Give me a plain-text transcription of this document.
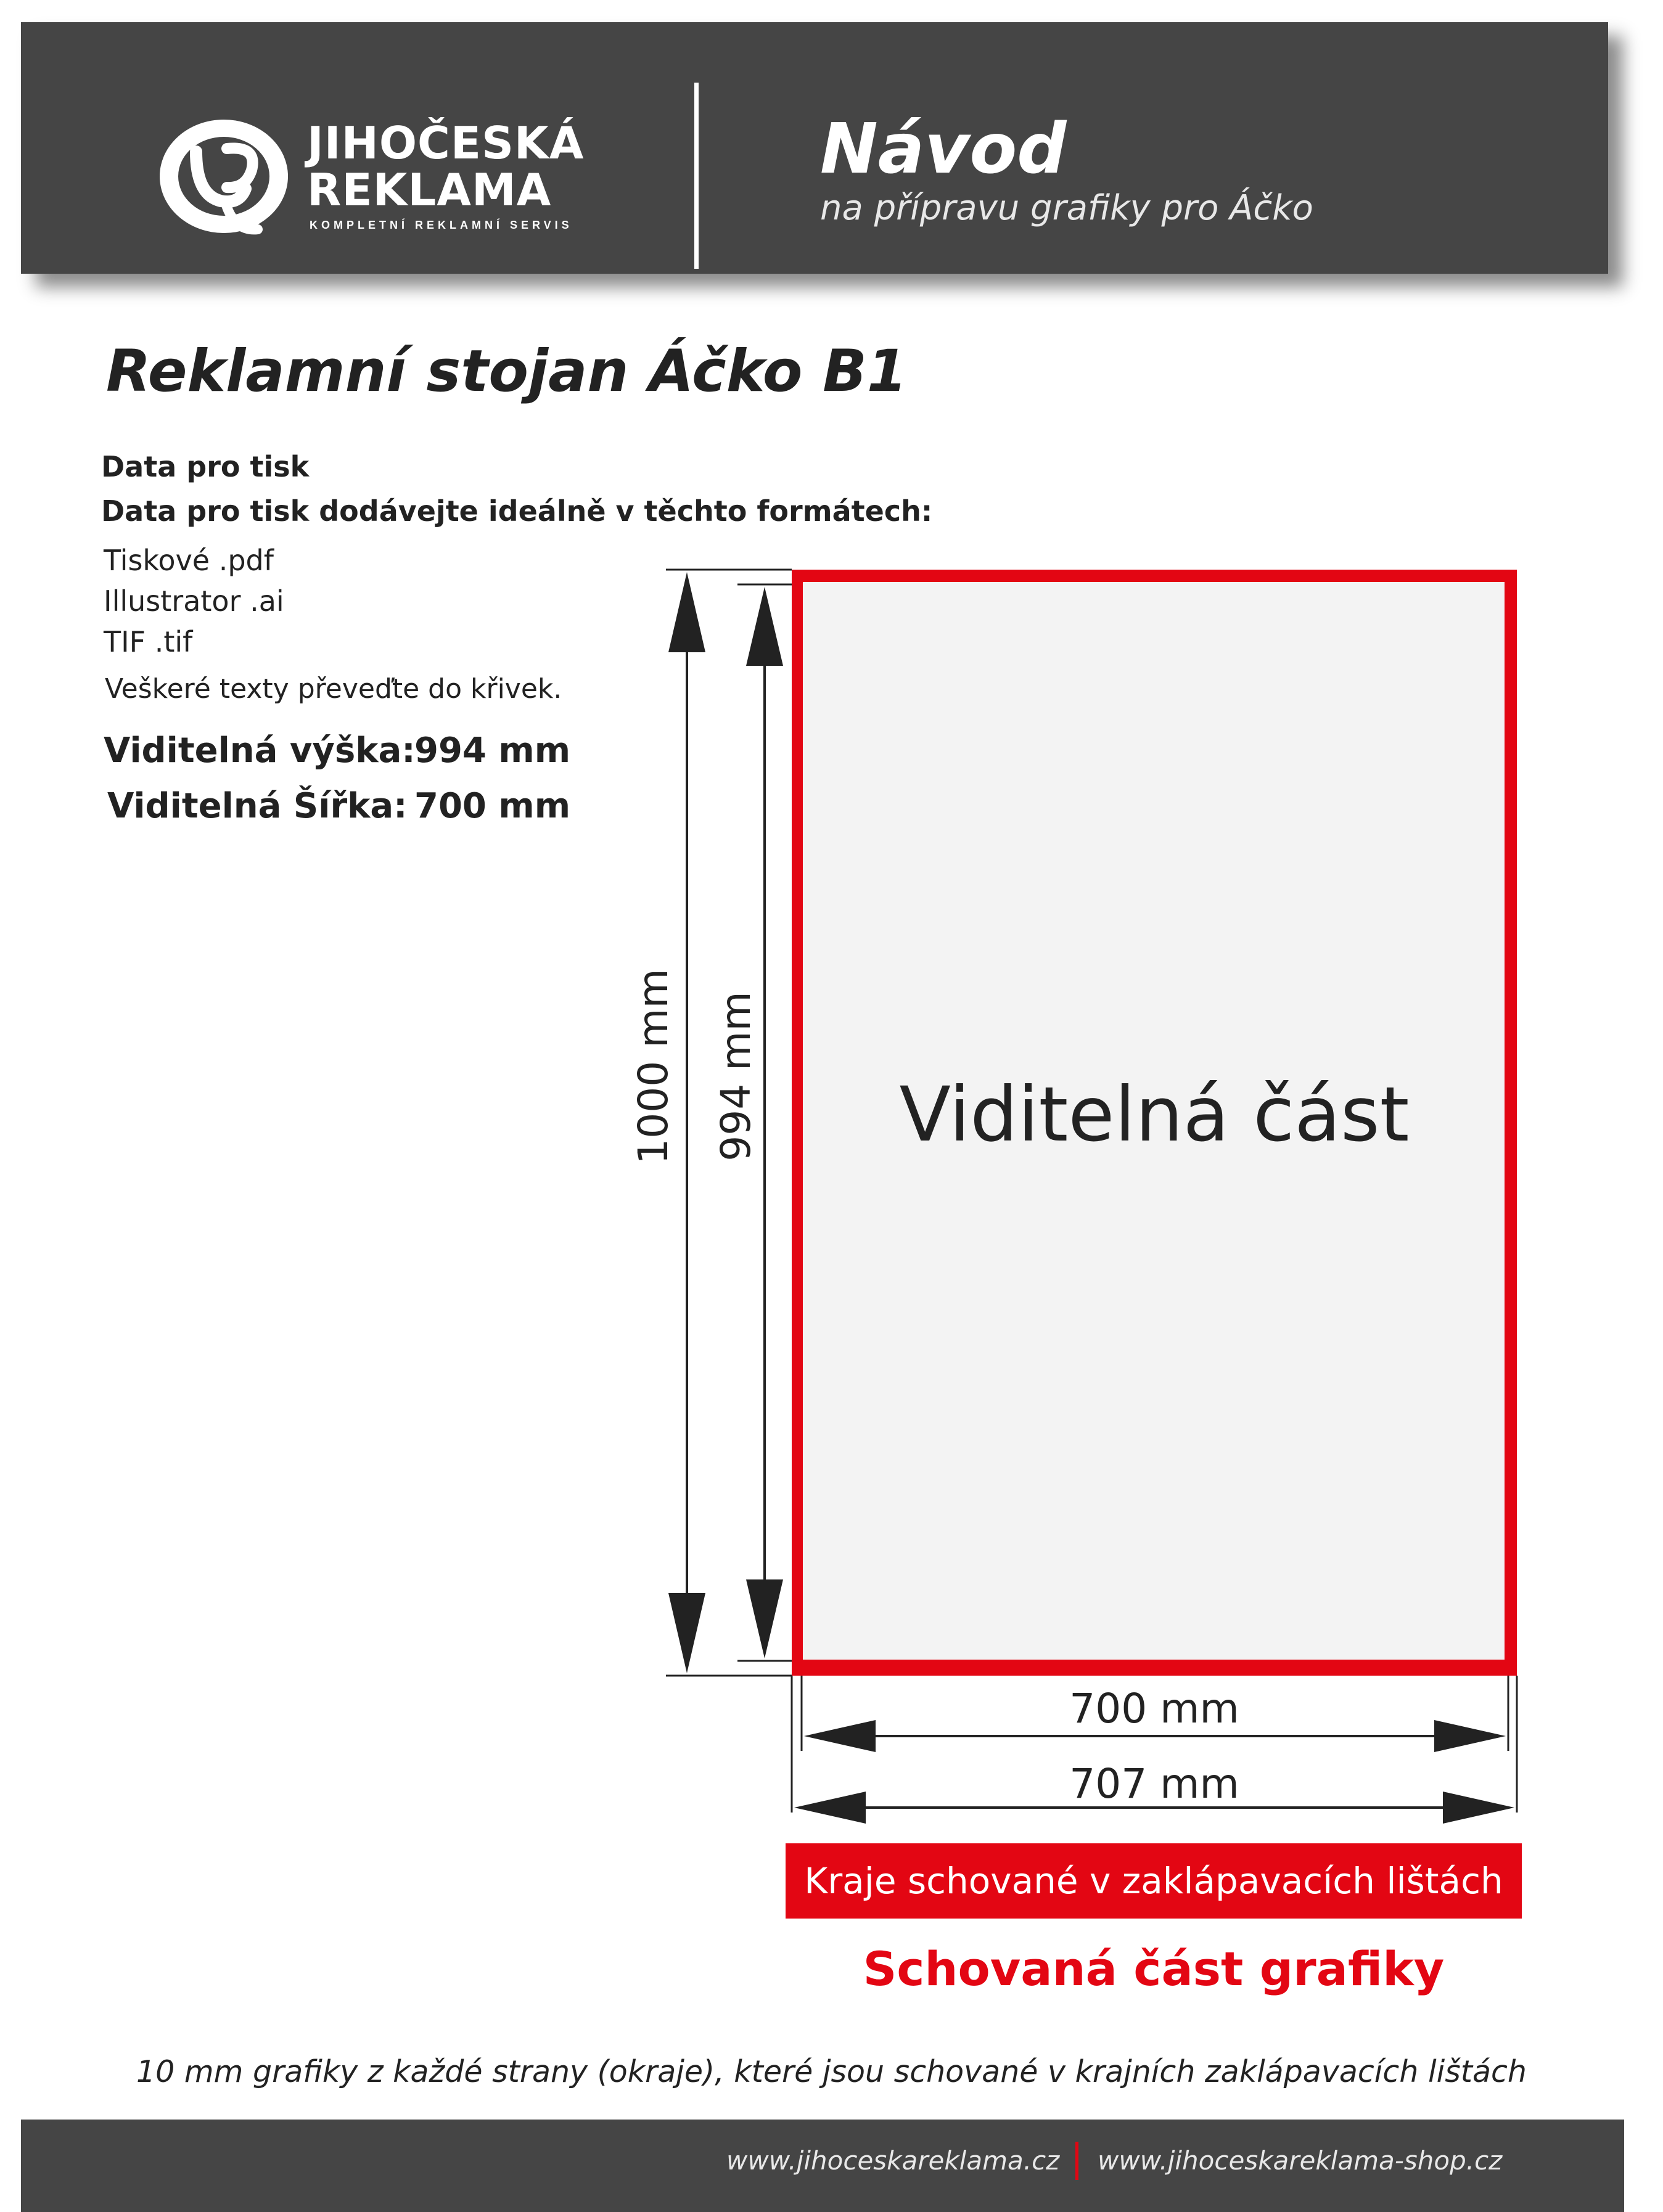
JIHOČESKÁ
REKLAMA
KOMPLETNÍ REKLAMNÍ SERVIS
Návod
na přípravu grafiky pro Áčko
Reklamní stojan Áčko B1
Data pro tisk
Data pro tisk dodávejte ideálně v těchto formátech:
Tiskové .pdf
Illustrator .ai
TIF .tif
Veškeré texty převeďte do křivek.
Viditelná výška:
994 mm
Viditelná Šířka: 700 mm
Viditelná část
1000 mm 994 mm
700 mm
707 mm
Kraje schované v zaklápavacích lištách
Schovaná část grafiky
10 mm grafiky z každé strany (okraje), které jsou schované v krajních zaklápavacích lištách
www.jihoceskareklama.cz www.jihoceskareklama-shop.cz
